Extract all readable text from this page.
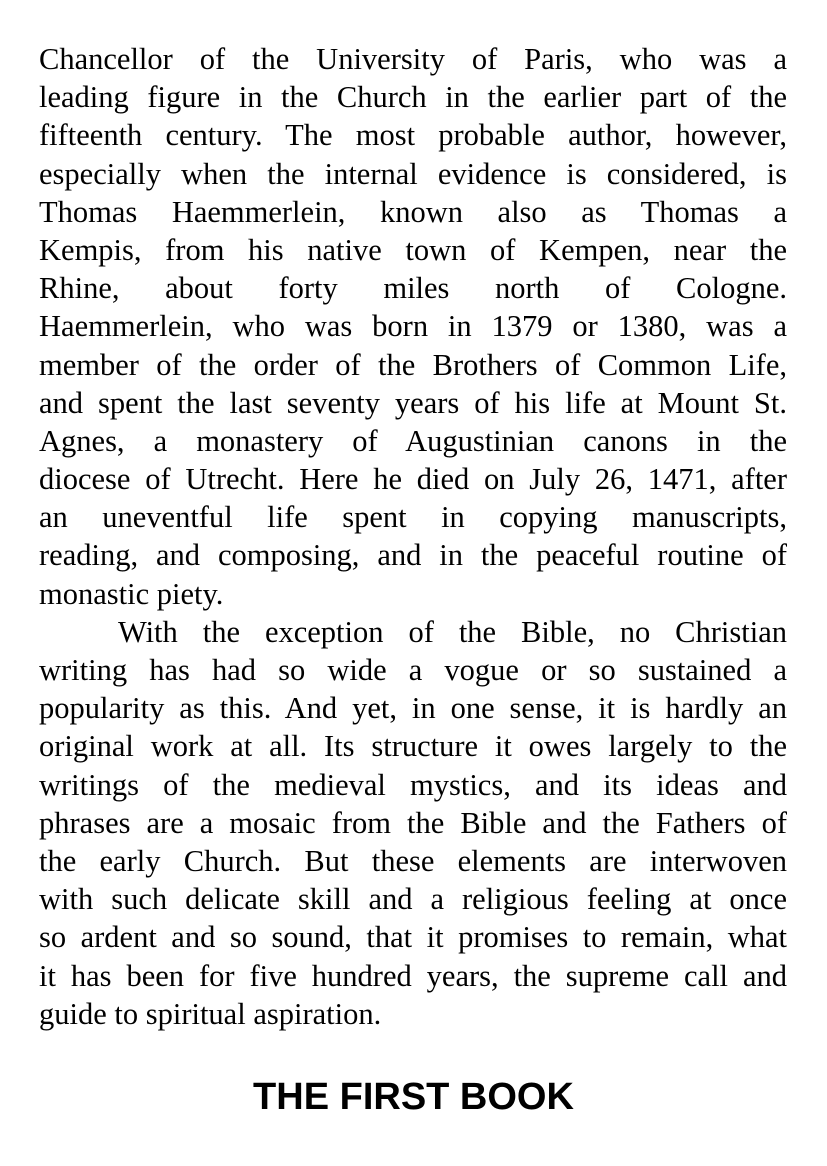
Chancellor of the University of Paris, who was a
leading figure in the Church in the earlier part of the
fifteenth century. The most probable author, however,
especially when the internal evidence is considered, is
Thomas Haemmerlein, known also as Thomas a
Kempis, from his native town of Kempen, near the
Rhine, about forty miles north of Cologne.
Haemmerlein, who was born in 1379 or 1380, was a
member of the order of the Brothers of Common Life,
and spent the last seventy years of his life at Mount St.
Agnes, a monastery of Augustinian canons in the
diocese of Utrecht. Here he died on July 26, 1471, after
an uneventful life spent in copying manuscripts,
reading, and composing, and in the peaceful routine of
monastic piety.
With the exception of the Bible, no Christian
writing has had so wide a vogue or so sustained a
popularity as this. And yet, in one sense, it is hardly an
original work at all. Its structure it owes largely to the
writings of the medieval mystics, and its ideas and
phrases are a mosaic from the Bible and the Fathers of
the early Church. But these elements are interwoven
with such delicate skill and a religious feeling at once
so ardent and so sound, that it promises to remain, what
it has been for five hundred years, the supreme call and
guide to spiritual aspiration.
THE FIRST BOOK
